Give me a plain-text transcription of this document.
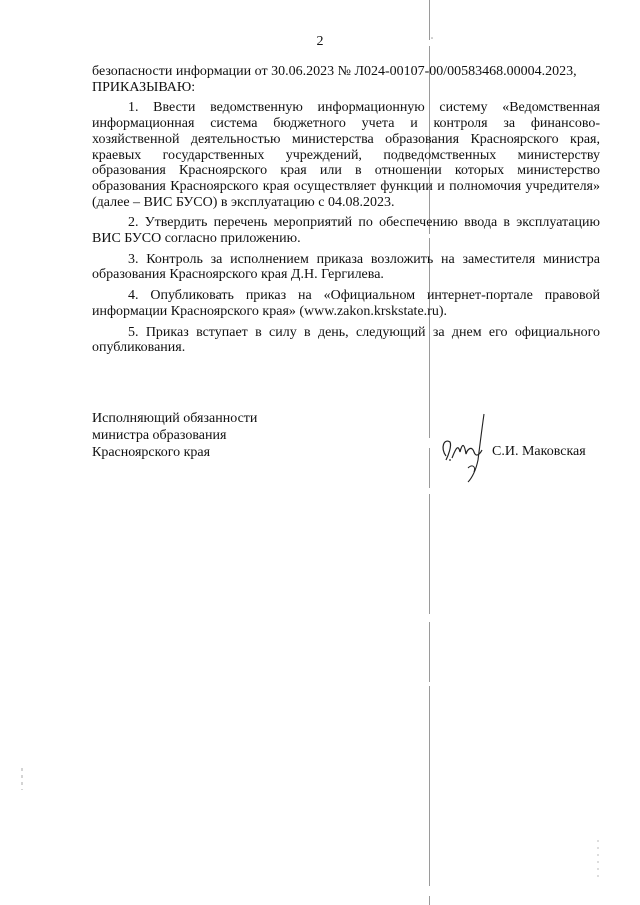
2
безопасности информации от 30.06.2023 № Л024-00107-00/00583468.00004.2023,
ПРИКАЗЫВАЮ:

1. Ввести ведомственную информационную систему «Ведомственная информационная система бюджетного учета и контроля за финансово-хозяйственной деятельностью министерства образования Красноярского края, краевых государственных учреждений, подведомственных министерству образования Красноярского края или в отношении которых министерство образования Красноярского края осуществляет функции и полномочия учредителя» (далее – ВИС БУСО) в эксплуатацию с 04.08.2023.

2. Утвердить перечень мероприятий по обеспечению ввода в эксплуатацию ВИС БУСО согласно приложению.

3. Контроль за исполнением приказа возложить на заместителя министра образования Красноярского края Д.Н. Гергилева.

4. Опубликовать приказ на «Официальном интернет-портале правовой информации Красноярского края» (www.zakon.krskstate.ru).

5. Приказ вступает в силу в день, следующий за днем его официального опубликования.

Исполняющий обязанности
министра образования
Красноярского края	С.И. Маковская
